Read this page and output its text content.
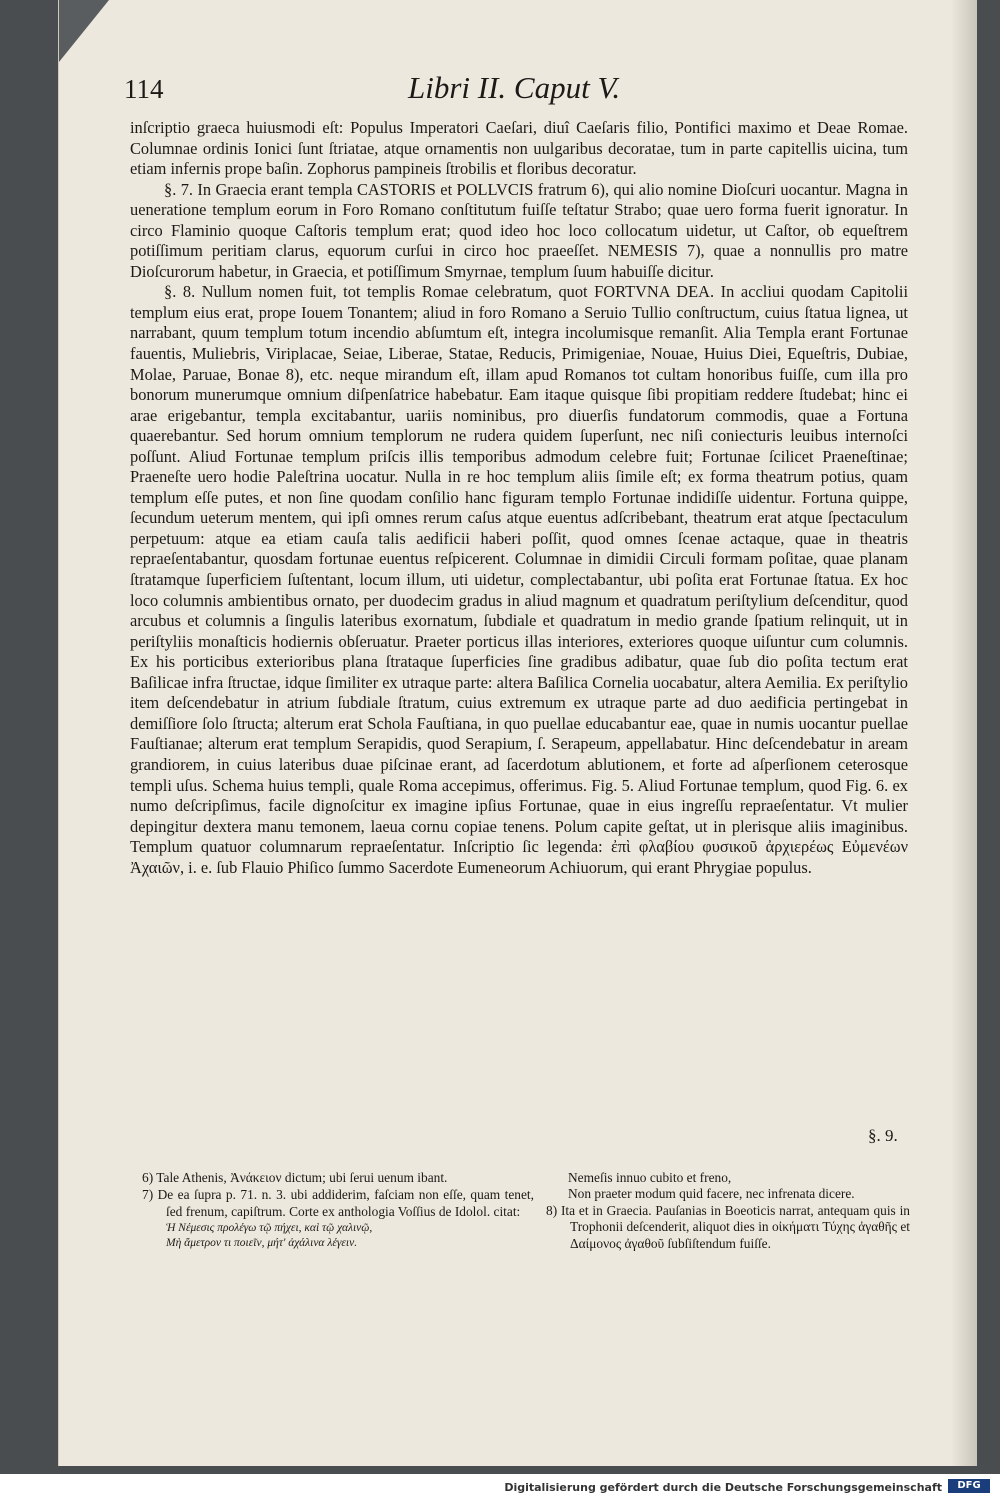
114	Libri II. Caput V.

inſcriptio graeca huiusmodi eſt: Populus Imperatori Caeſari, diuî Caeſaris filio, Pontifici maximo et Deae Romae. Columnae ordinis Ionici ſunt ſtriatae, atque ornamentis non uulgaribus decoratae, tum in parte capitellis uicina, tum etiam infernis prope baſin. Zophorus pampineis ſtrobilis et floribus decoratur.

§. 7. In Graecia erant templa CASTORIS et POLLVCIS fratrum 6), qui alio nomine Dioſcuri uocantur. Magna in ueneratione templum eorum in Foro Romano conſtitutum fuiſſe teſtatur Strabo; quae uero forma fuerit ignoratur. In circo Flaminio quoque Caſtoris templum erat; quod ideo hoc loco collocatum uidetur, ut Caſtor, ob equeſtrem potiſſimum peritiam clarus, equorum curſui in circo hoc praeeſſet. NEMESIS 7), quae a nonnullis pro matre Dioſcurorum habetur, in Graecia, et potiſſimum Smyrnae, templum ſuum habuiſſe dicitur.

§. 8. Nullum nomen fuit, tot templis Romae celebratum, quot FORTVNA DEA. In accliui quodam Capitolii templum eius erat, prope Iouem Tonantem; aliud in foro Romano a Seruio Tullio conſtructum, cuius ſtatua lignea, ut narrabant, quum templum totum incendio abſumtum eſt, integra incolumisque remanſit. Alia Templa erant Fortunae fauentis, Muliebris, Viriplacae, Seiae, Liberae, Statae, Reducis, Primigeniae, Nouae, Huius Diei, Equeſtris, Dubiae, Molae, Paruae, Bonae 8), etc. neque mirandum eſt, illam apud Romanos tot cultam honoribus fuiſſe, cum illa pro bonorum munerumque omnium diſpenſatrice habebatur. Eam itaque quisque ſibi propitiam reddere ſtudebat; hinc ei arae erigebantur, templa excitabantur, uariis nominibus, pro diuerſis fundatorum commodis, quae a Fortuna quaerebantur. Sed horum omnium templorum ne rudera quidem ſuperſunt, nec niſi coniecturis leuibus internoſci poſſunt. Aliud Fortunae templum priſcis illis temporibus admodum celebre fuit; Fortunae ſcilicet Praeneſtinae; Praeneſte uero hodie Paleſtrina uocatur. Nulla in re hoc templum aliis ſimile eſt; ex forma theatrum potius, quam templum eſſe putes, et non ſine quodam conſilio hanc figuram templo Fortunae indidiſſe uidentur. Fortuna quippe, ſecundum ueterum mentem, qui ipſi omnes rerum caſus atque euentus adſcribebant, theatrum erat atque ſpectaculum perpetuum: atque ea etiam cauſa talis aedificii haberi poſſit, quod omnes ſcenae actaque, quae in theatris repraeſentabantur, quosdam fortunae euentus reſpicerent. Columnae in dimidii Circuli formam poſitae, quae planam ſtratamque ſuperficiem ſuſtentant, locum illum, uti uidetur, complectabantur, ubi poſita erat Fortunae ſtatua. Ex hoc loco columnis ambientibus ornato, per duodecim gradus in aliud magnum et quadratum periſtylium deſcenditur, quod arcubus et columnis a ſingulis lateribus exornatum, ſubdiale et quadratum in medio grande ſpatium relinquit, ut in periſtyliis monaſticis hodiernis obſeruatur. Praeter porticus illas interiores, exteriores quoque uiſuntur cum columnis. Ex his porticibus exterioribus plana ſtrataque ſuperficies ſine gradibus adibatur, quae ſub dio poſita tectum erat Baſilicae infra ſtructae, idque ſimiliter ex utraque parte: altera Baſilica Cornelia uocabatur, altera Aemilia. Ex periſtylio item deſcendebatur in atrium ſubdiale ſtratum, cuius extremum ex utraque parte ad duo aedificia pertingebat in demiſſiore ſolo ſtructa; alterum erat Schola Fauſtiana, in quo puellae educabantur eae, quae in numis uocantur puellae Fauſtianae; alterum erat templum Serapidis, quod Serapium, ſ. Serapeum, appellabatur. Hinc deſcendebatur in aream grandiorem, in cuius lateribus duae piſcinae erant, ad ſacerdotum ablutionem, et forte ad aſperſionem ceterosque templi uſus. Schema huius templi, quale Roma accepimus, offerimus. Fig. 5. Aliud Fortunae templum, quod Fig. 6. ex numo deſcripſimus, facile dignoſcitur ex imagine ipſius Fortunae, quae in eius ingreſſu repraeſentatur. Vt mulier depingitur dextera manu temonem, laeua cornu copiae tenens. Polum capite geſtat, ut in plerisque aliis imaginibus. Templum quatuor columnarum repraeſentatur. Inſcriptio ſic legenda: ἐπὶ φλαβίου φυσικοῦ ἀρχιερέως Εὐμενέων Ἀχαιῶν, i. e. ſub Flauio Phiſico ſummo Sacerdote Eumeneorum Achiuorum, qui erant Phrygiae populus.

§. 9.

6) Tale Athenis, Ἀνάκειον dictum; ubi ſerui uenum ibant.

7) De ea ſupra p. 71. n. 3. ubi addiderim, faſciam non eſſe, quam tenet, ſed frenum, capiſtrum. Corte ex anthologia Voſſius de Idolol. citat:

Ἡ Νέμεσις προλέγω τῷ πήχει, καὶ τῷ χαλινῷ,

Μὴ ἄμετρον τι ποιεῖν, μήτ' ἀχάλινα λέγειν.

Nemeſis innuo cubito et freno,

Non praeter modum quid facere, nec infrenata dicere.

8) Ita et in Graecia. Pauſanias in Boeoticis narrat, antequam quis in Trophonii deſcenderit, aliquot dies in οἰκήματι Τύχης ἀγαθῆς et Δαίμονος ἀγαθοῦ ſubſiſtendum fuiſſe.

Digitalisierung gefördert durch die Deutsche Forschungsgemeinschaft	DFG
